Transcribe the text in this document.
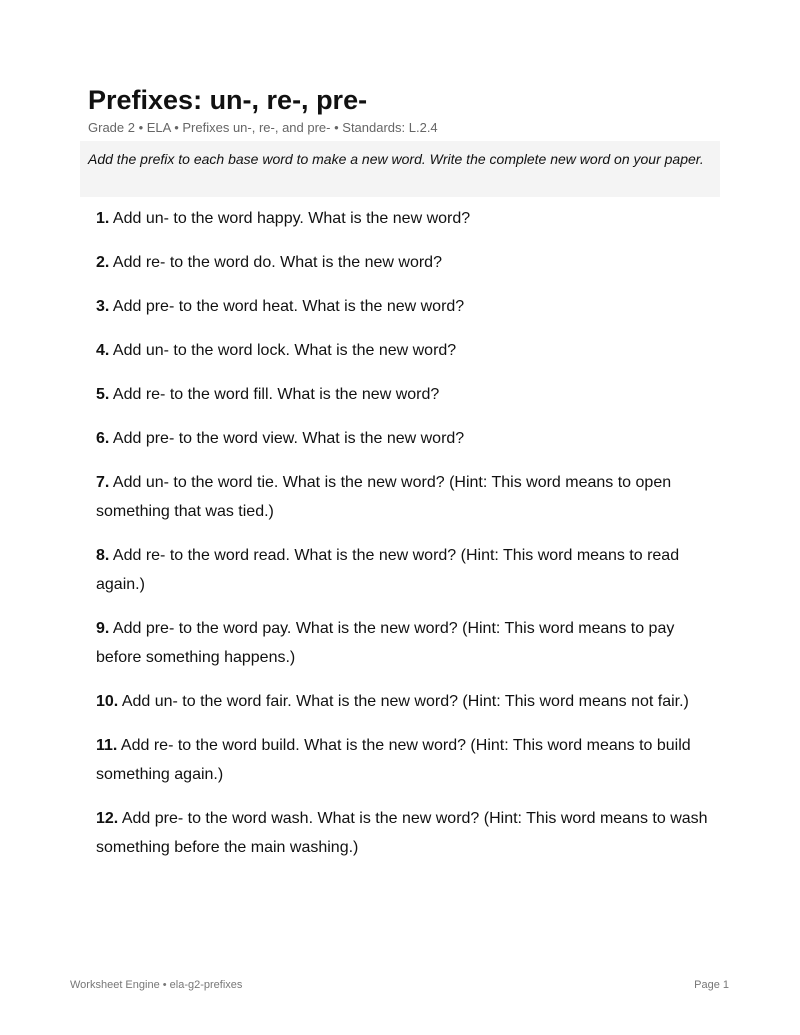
Prefixes: un-, re-, pre-
Grade 2 • ELA • Prefixes un-, re-, and pre- • Standards: L.2.4
Add the prefix to each base word to make a new word. Write the complete new word on your paper.
1. Add un- to the word happy. What is the new word?
2. Add re- to the word do. What is the new word?
3. Add pre- to the word heat. What is the new word?
4. Add un- to the word lock. What is the new word?
5. Add re- to the word fill. What is the new word?
6. Add pre- to the word view. What is the new word?
7. Add un- to the word tie. What is the new word? (Hint: This word means to open something that was tied.)
8. Add re- to the word read. What is the new word? (Hint: This word means to read again.)
9. Add pre- to the word pay. What is the new word? (Hint: This word means to pay before something happens.)
10. Add un- to the word fair. What is the new word? (Hint: This word means not fair.)
11. Add re- to the word build. What is the new word? (Hint: This word means to build something again.)
12. Add pre- to the word wash. What is the new word? (Hint: This word means to wash something before the main washing.)
Worksheet Engine • ela-g2-prefixes	Page 1
